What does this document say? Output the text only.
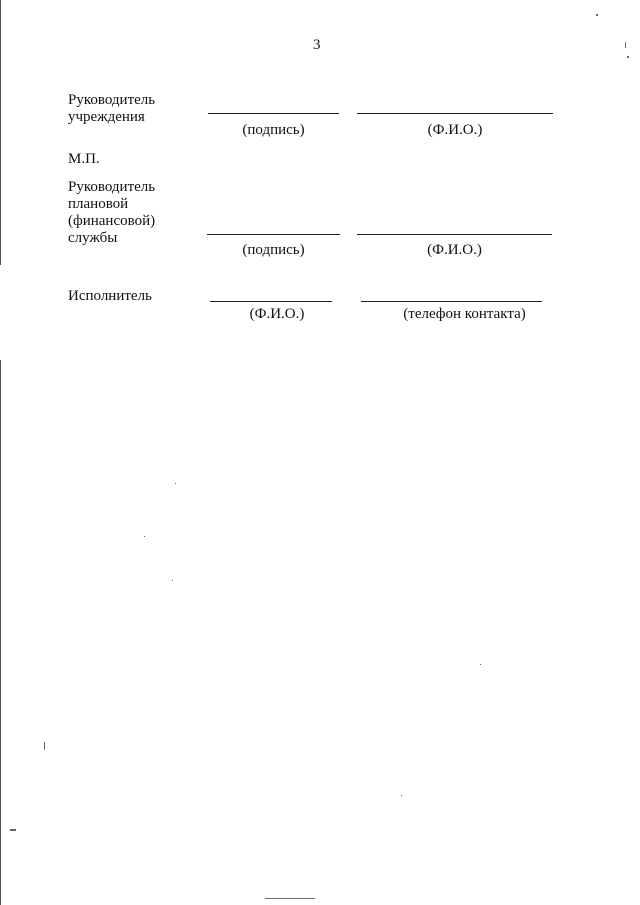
3
Руководитель
учреждения
(подпись)	(Ф.И.О.)
М.П.
Руководитель
плановой
(финансовой)
службы
(подпись)	(Ф.И.О.)
Исполнитель
(Ф.И.О.)	(телефон контакта)
